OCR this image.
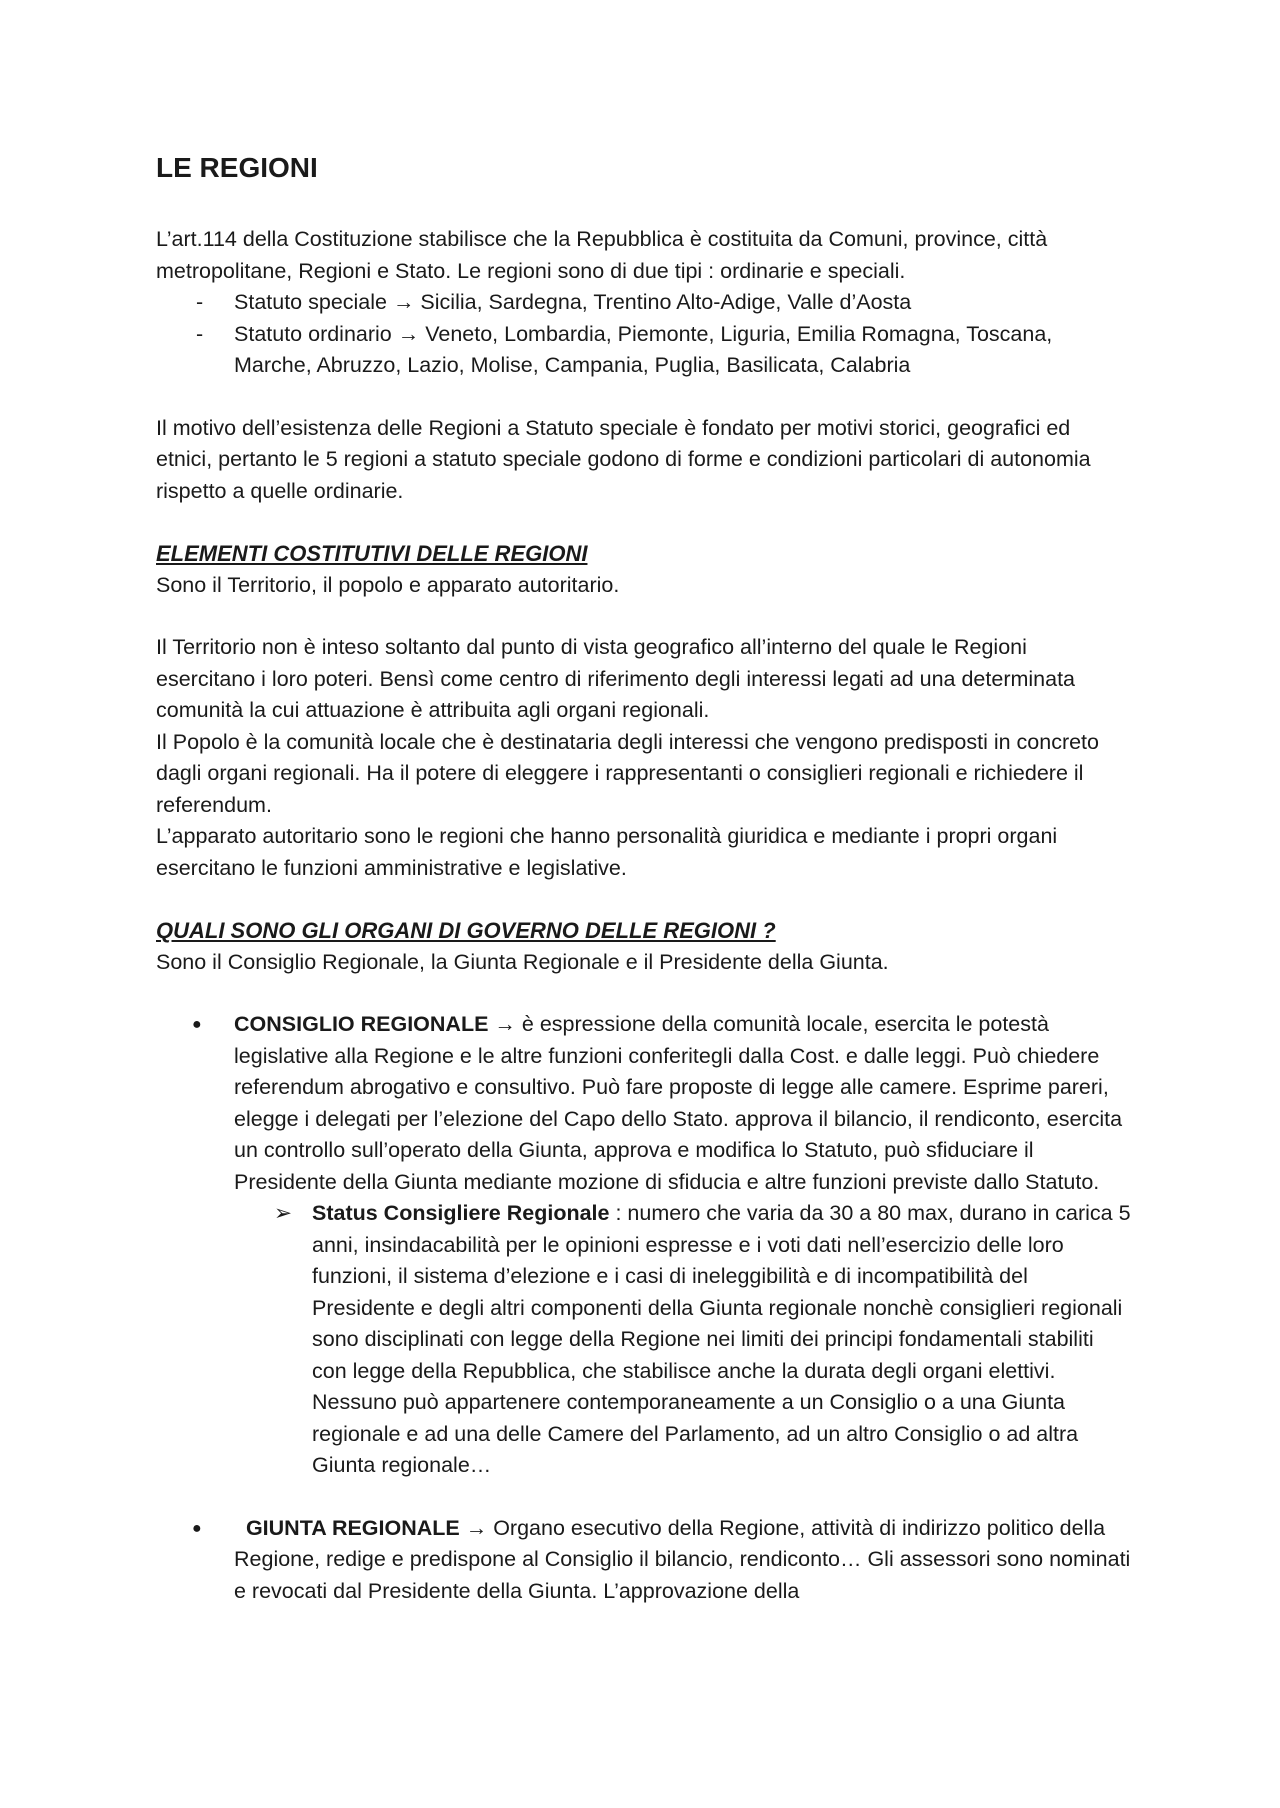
LE REGIONI

L’art.114 della Costituzione stabilisce che la Repubblica è costituita da Comuni, province, città metropolitane, Regioni e Stato. Le regioni sono di due tipi : ordinarie e speciali.

- Statuto speciale → Sicilia, Sardegna, Trentino Alto-Adige, Valle d’Aosta
- Statuto ordinario → Veneto, Lombardia, Piemonte, Liguria, Emilia Romagna, Toscana, Marche, Abruzzo, Lazio, Molise, Campania, Puglia, Basilicata, Calabria

Il motivo dell’esistenza delle Regioni a Statuto speciale è fondato per motivi storici, geografici ed etnici, pertanto le 5 regioni a statuto speciale godono di forme e condizioni particolari di autonomia rispetto a quelle ordinarie.

ELEMENTI COSTITUTIVI DELLE REGIONI

Sono il Territorio, il popolo e apparato autoritario.

Il Territorio non è inteso soltanto dal punto di vista geografico all’interno del quale le Regioni esercitano i loro poteri. Bensì come centro di riferimento degli interessi legati ad una determinata comunità la cui attuazione è attribuita agli organi regionali.

Il Popolo è la comunità locale che è destinataria degli interessi che vengono predisposti in concreto dagli organi regionali. Ha il potere di eleggere i rappresentanti o consiglieri regionali e richiedere il referendum.

L’apparato autoritario sono le regioni che hanno personalità giuridica e mediante i propri organi esercitano le funzioni amministrative e legislative.

QUALI SONO GLI ORGANI DI GOVERNO DELLE REGIONI ?

Sono il Consiglio Regionale, la Giunta Regionale e il Presidente della Giunta.

● CONSIGLIO REGIONALE → è espressione della comunità locale, esercita le potestà legislative alla Regione e le altre funzioni conferitegli dalla Cost. e dalle leggi. Può chiedere referendum abrogativo e consultivo. Può fare proposte di legge alle camere. Esprime pareri, elegge i delegati per l’elezione del Capo dello Stato. approva il bilancio, il rendiconto, esercita un controllo sull’operato della Giunta, approva e modifica lo Statuto, può sfiduciare il Presidente della Giunta mediante mozione di sfiducia e altre funzioni previste dallo Statuto.
➢ Status Consigliere Regionale : numero che varia da 30 a 80 max, durano in carica 5 anni, insindacabilità per le opinioni espresse e i voti dati nell’esercizio delle loro funzioni, il sistema d’elezione e i casi di ineleggibilità e di incompatibilità del Presidente e degli altri componenti della Giunta regionale nonchè consiglieri regionali sono disciplinati con legge della Regione nei limiti dei principi fondamentali stabiliti con legge della Repubblica, che stabilisce anche la durata degli organi elettivi. Nessuno può appartenere contemporaneamente a un Consiglio o a una Giunta regionale e ad una delle Camere del Parlamento, ad un altro Consiglio o ad altra Giunta regionale…
● GIUNTA REGIONALE → Organo esecutivo della Regione, attività di indirizzo politico della Regione, redige e predispone al Consiglio il bilancio, rendiconto… Gli assessori sono nominati e revocati dal Presidente della Giunta. L’approvazione della
